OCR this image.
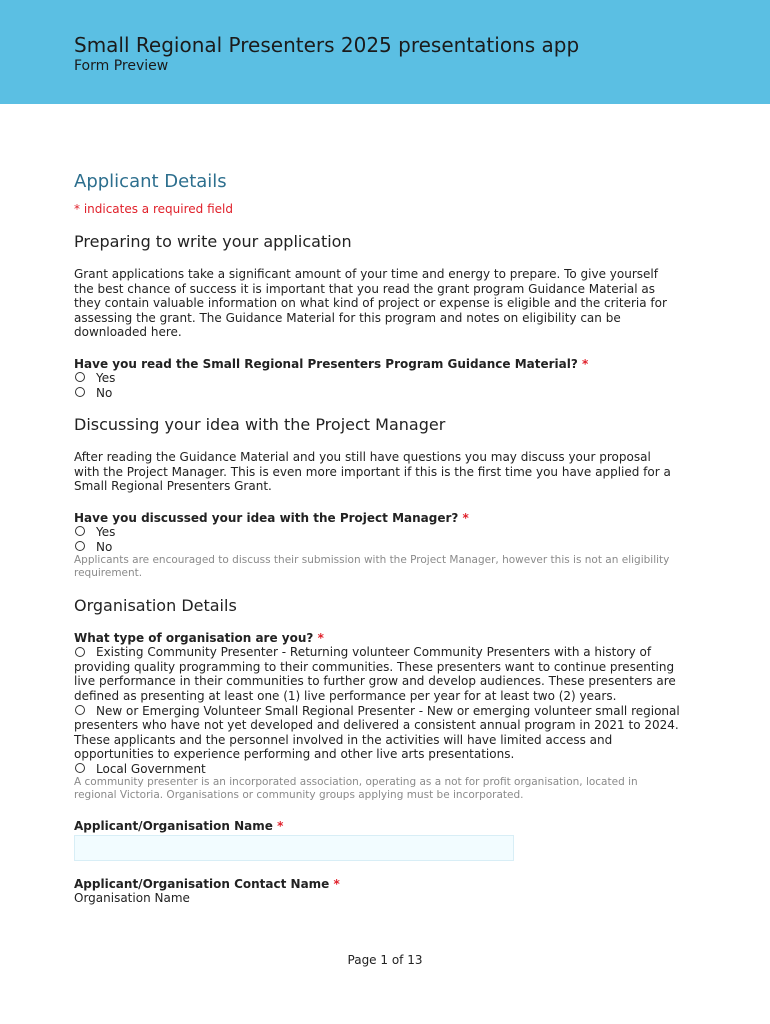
Small Regional Presenters 2025 presentations app
Form Preview
Applicant Details
* indicates a required field
Preparing to write your application

Grant applications take a significant amount of your time and energy to prepare. To give yourself the best chance of success it is important that you read the grant program Guidance Material as they contain valuable information on what kind of project or expense is eligible and the criteria for assessing the grant. The Guidance Material for this program and notes on eligibility can be downloaded here.

Have you read the Small Regional Presenters Program Guidance Material? *

Yes
No
Discussing your idea with the Project Manager

After reading the Guidance Material and you still have questions you may discuss your proposal with the Project Manager. This is even more important if this is the first time you have applied for a Small Regional Presenters Grant.

Have you discussed your idea with the Project Manager? *

Yes
No

Applicants are encouraged to discuss their submission with the Project Manager, however this is not an eligibility requirement.

Organisation Details

What type of organisation are you? *

Existing Community Presenter - Returning volunteer Community Presenters with a history of providing quality programming to their communities. These presenters want to continue presenting live performance in their communities to further grow and develop audiences. These presenters are defined as presenting at least one (1) live performance per year for at least two (2) years.

New or Emerging Volunteer Small Regional Presenter - New or emerging volunteer small regional presenters who have not yet developed and delivered a consistent annual program in 2021 to 2024. These applicants and the personnel involved in the activities will have limited access and opportunities to experience performing and other live arts presentations.

Local Government

A community presenter is an incorporated association, operating as a not for profit organisation, located in regional Victoria. Organisations or community groups applying must be incorporated.

Applicant/Organisation Name *

Applicant/Organisation Contact Name *

Organisation Name
Page 1 of 13
